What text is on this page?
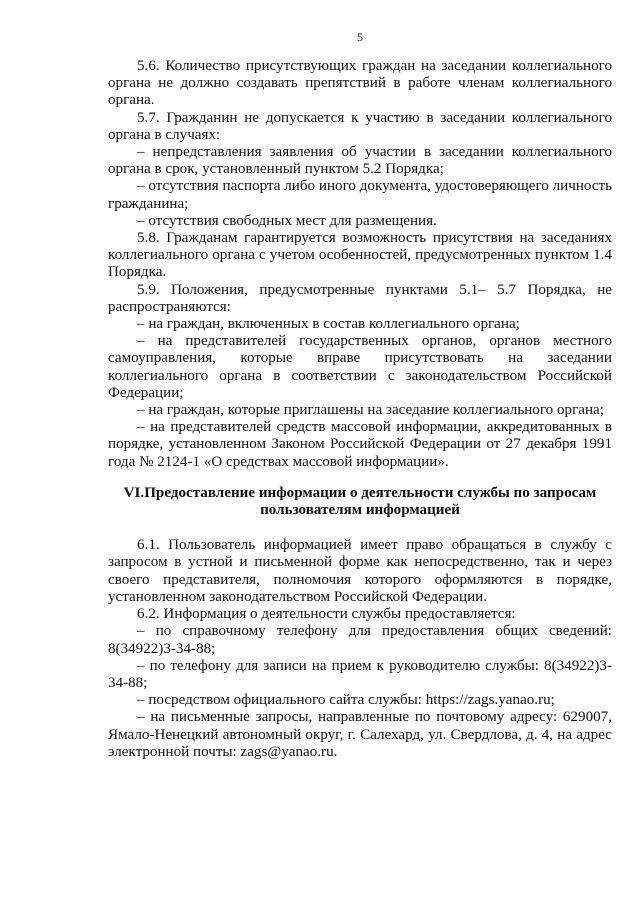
5

5.6. Количество присутствующих граждан на заседании коллегиального органа не должно создавать препятствий в работе членам коллегиального органа.

5.7. Гражданин не допускается к участию в заседании коллегиального органа в случаях:

– непредставления заявления об участии в заседании коллегиального органа в срок, установленный пунктом 5.2 Порядка;

– отсутствия паспорта либо иного документа, удостоверяющего личность гражданина;

– отсутствия свободных мест для размещения.

5.8. Гражданам гарантируется возможность присутствия на заседаниях коллегиального органа с учетом особенностей, предусмотренных пунктом 1.4 Порядка.

5.9. Положения, предусмотренные пунктами 5.1– 5.7 Порядка, не распространяются:

– на граждан, включенных в состав коллегиального органа;

– на представителей государственных органов, органов местного самоуправления, которые вправе присутствовать на заседании коллегиального органа в соответствии с законодательством Российской Федерации;

– на граждан, которые приглашены на заседание коллегиального органа;

– на представителей средств массовой информации, аккредитованных в порядке, установленном Законом Российской Федерации от 27 декабря 1991 года № 2124-1 «О средствах массовой информации».

VI.Предоставление информации о деятельности службы по запросам пользователям информацией

6.1. Пользователь информацией имеет право обращаться в службу с запросом в устной и письменной форме как непосредственно, так и через своего представителя, полномочия которого оформляются в порядке, установленном законодательством Российской Федерации.

6.2. Информация о деятельности службы предоставляется:

– по справочному телефону для предоставления общих сведений: 8(34922)3-34-88;

– по телефону для записи на прием к руководителю службы: 8(34922)3-34-88;

– посредством официального сайта службы: https://zags.yanao.ru;

– на письменные запросы, направленные по почтовому адресу: 629007, Ямало-Ненецкий автономный округ, г. Салехард, ул. Свердлова, д. 4, на адрес электронной почты: zags@yanao.ru.
